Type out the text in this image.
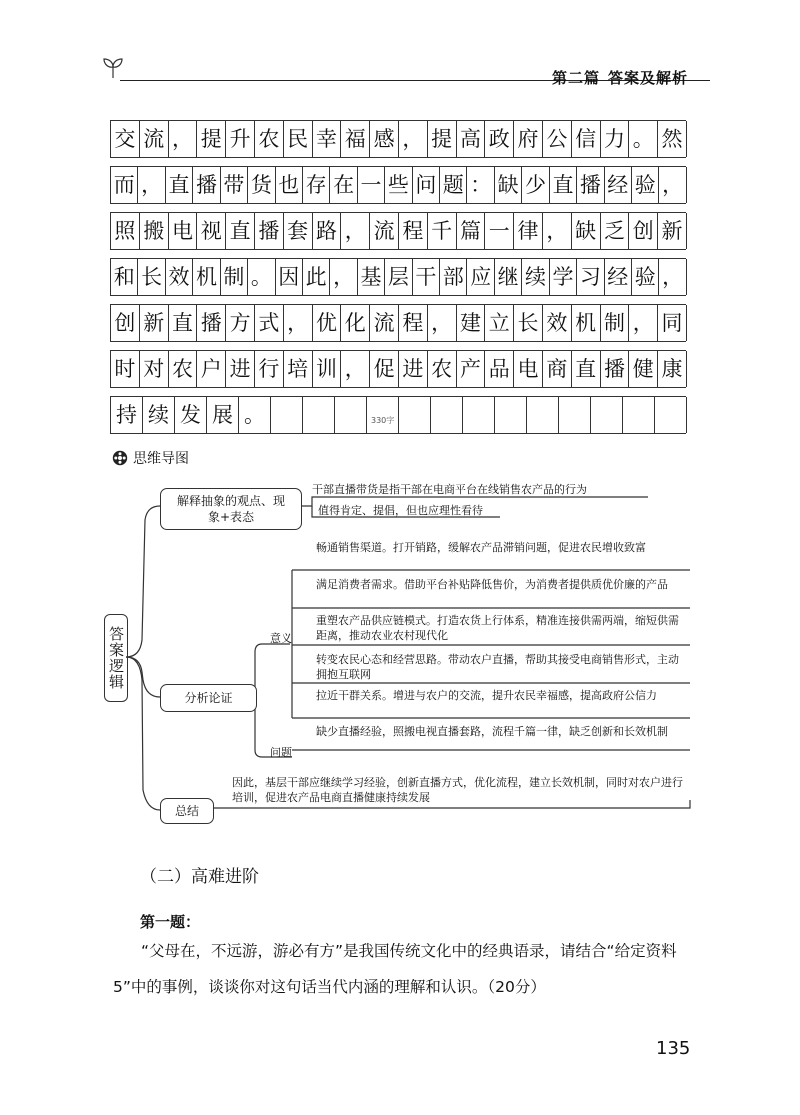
第二篇 答案及解析
交 流 ， 提 升 农 民 幸 福 感 ， 提 高 政 府 公 信 力 。 然
而 ， 直 播 带 货 也 存 在 一 些 问 题 ： 缺 少 直 播 经 验 ，
照 搬 电 视 直 播 套 路 ， 流 程 千 篇 一 律 ， 缺 乏 创 新
和 长 效 机 制 。 因 此 ， 基 层 干 部 应 继 续 学 习 经 验 ，
创 新 直 播 方 式 ， 优 化 流 程 ， 建 立 长 效 机 制 ， 同
时 对 农 户 进 行 培 训 ， 促 进 农 产 品 电 商 直 播 健 康
持 续 发 展 。	330字
思维导图
答案逻辑
解释抽象的观点、现象+表态
分析论证
总结
干部直播带货是指干部在电商平台在线销售农产品的行为
值得肯定、提倡，但也应理性看待
意义
问题
畅通销售渠道。打开销路，缓解农产品滞销问题，促进农民增收致富
满足消费者需求。借助平台补贴降低售价，为消费者提供质优价廉的产品
重塑农产品供应链模式。打造农货上行体系，精准连接供需两端，缩短供需距离，推动农业农村现代化
转变农民心态和经营思路。带动农户直播，帮助其接受电商销售形式，主动拥抱互联网
拉近干群关系。增进与农户的交流，提升农民幸福感，提高政府公信力
缺少直播经验，照搬电视直播套路，流程千篇一律，缺乏创新和长效机制
因此，基层干部应继续学习经验，创新直播方式，优化流程，建立长效机制，同时对农户进行培训，促进农产品电商直播健康持续发展
（二）高难进阶
第一题：
“父母在，不远游，游必有方”是我国传统文化中的经典语录，请结合“给定资料5”中的事例，谈谈你对这句话当代内涵的理解和认识。（20分）
135
